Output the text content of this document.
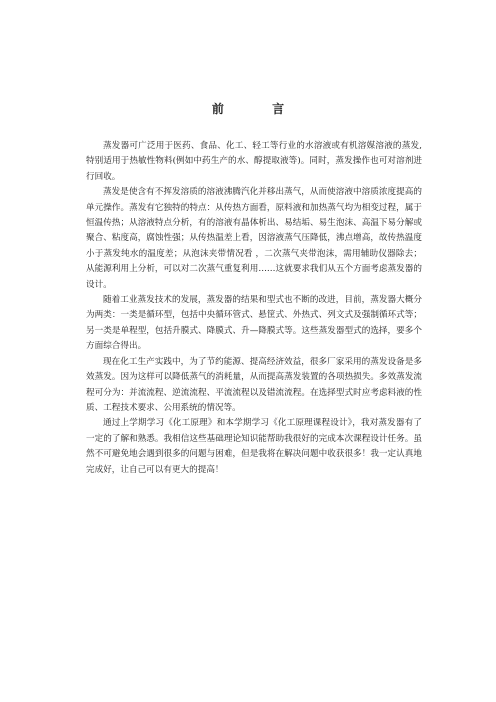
前 言

蒸发器可广泛用于医药、食品、化工、轻工等行业的水溶液或有机溶媒溶液的蒸发,特别适用于热敏性物料(例如中药生产的水、醇提取液等)。同时，蒸发操作也可对溶剂进行回收。

蒸发是使含有不挥发溶质的溶液沸腾汽化并移出蒸气，从而使溶液中溶质浓度提高的单元操作。蒸发有它独特的特点：从传热方面看，原料液和加热蒸气均为相变过程，属于恒温传热；从溶液特点分析，有的溶液有晶体析出、易结垢、易生泡沫、高温下易分解或聚合、粘度高，腐蚀性强；从传热温差上看，因溶液蒸气压降低，沸点增高，故传热温度小于蒸发纯水的温度差；从泡沫夹带情况看 ，二次蒸气夹带泡沫，需用辅助仪器除去；从能源利用上分析，可以对二次蒸气重复利用……这就要求我们从五个方面考虑蒸发器的设计。

随着工业蒸发技术的发展，蒸发器的结果和型式也不断的改进，目前，蒸发器大概分为两类：一类是循环型，包括中央循环管式、悬筐式、外热式、列文式及强制循环式等；另一类是单程型，包括升膜式、降膜式、升—降膜式等。这些蒸发器型式的选择，要多个方面综合得出。

现在化工生产实践中，为了节约能源、提高经济效益，很多厂家采用的蒸发设备是多效蒸发。因为这样可以降低蒸气的消耗量，从而提高蒸发装置的各项热损失。多效蒸发流程可分为：并流流程、逆流流程、平流流程以及错流流程。在选择型式时应考虑料液的性质、工程技术要求、公用系统的情况等。

通过上学期学习《化工原理》和本学期学习《化工原理课程设计》，我对蒸发器有了一定的了解和熟悉。我相信这些基础理论知识能帮助我很好的完成本次课程设计任务。虽然不可避免地会遇到很多的问题与困难，但是我将在解决问题中收获很多！我一定认真地完成好，让自己可以有更大的提高！
